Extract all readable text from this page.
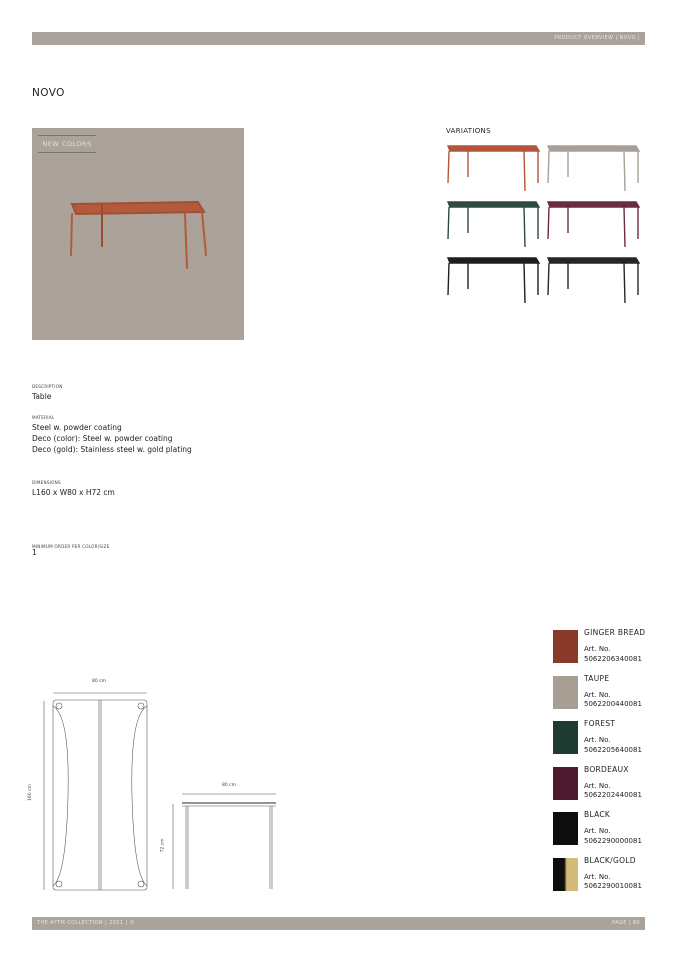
PRODUCT OVERVIEW | NOVO |
NOVO
NEW COLORS
VARIATIONS
DESCRIPTION
Table
MATERIAL
Steel w. powder coating
Deco (color): Steel w. powder coating
Deco (gold): Stainless steel w. gold plating
DIMENSIONS
L160 x W80 x H72 cm
MINIMUM ORDER PER COLOR/SIZE
1
80 cm
160 cm	80 cm
72 cm
GINGER BREAD
Art. No.
5062206340081
TAUPE
Art. No.
5062200440081
FOREST
Art. No.
5062205640081
BORDEAUX
Art. No.
5062202440081
BLACK
Art. No.
5062290000081
BLACK/GOLD
Art. No.
5062290010081
THE AYTM COLLECTION | 2021 | ©	PAGE | 80
